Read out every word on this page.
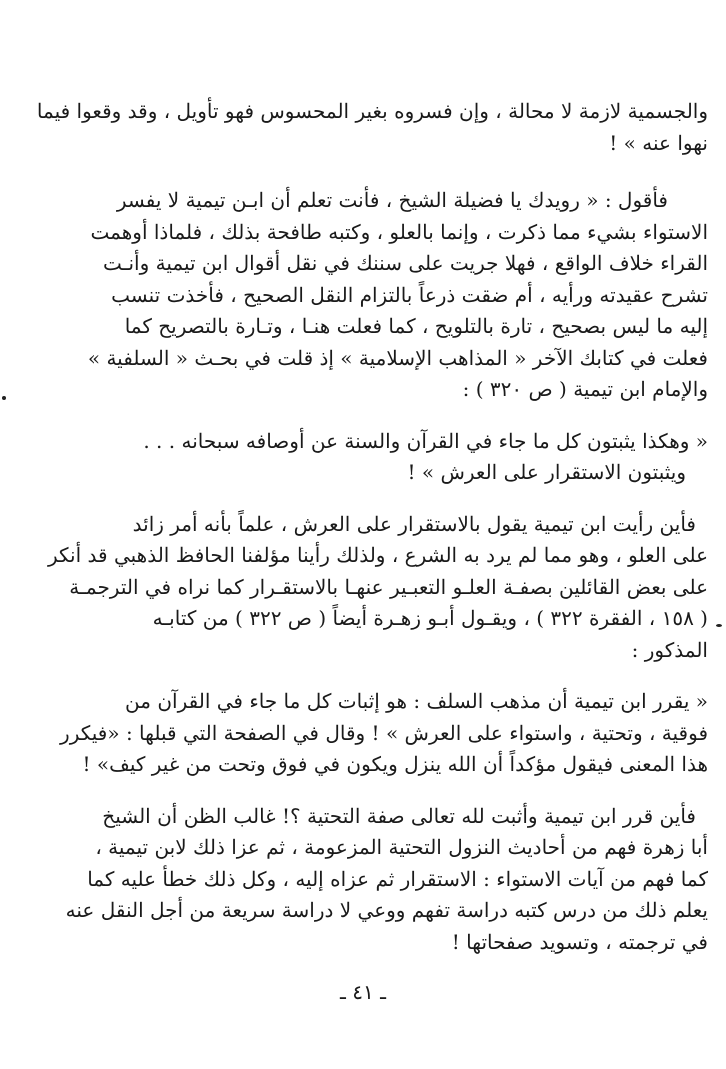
والجسمية لازمة لا محالة ، وإن فسروه بغير المحسوس فهو تأويل ، وقد وقعوا فيما
نهوا عنه » !

فأقول : « رويدك يا فضيلة الشيخ ، فأنت تعلم أن ابـن تيمية لا يفسر
الاستواء بشيء مما ذكرت ، وإنما بالعلو ، وكتبه طافحة بذلك ، فلماذا أوهمت
القراء خلاف الواقع ، فهلا جريت على سننك في نقل أقوال ابن تيمية وأنـت
تشرح عقيدته ورأيه ، أم ضقت ذرعاً بالتزام النقل الصحيح ، فأخذت تنسب
إليه ما ليس بصحيح ، تارة بالتلويح ، كما فعلت هنـا ، وتـارة بالتصريح كما
فعلت في كتابك الآخر « المذاهب الإسلامية » إذ قلت في بحـث « السلفية »
والإمام ابن تيمية ( ص ٣٢٠ ) :

« وهكذا يثبتون كل ما جاء في القرآن والسنة عن أوصافه سبحانه . . .
ويثبتون الاستقرار على العرش » !

فأين رأيت ابن تيمية يقول بالاستقرار على العرش ، علماً بأنه أمر زائد
على العلو ، وهو مما لم يرد به الشرع ، ولذلك رأينا مؤلفنا الحافظ الذهبي قد أنكر
على بعض القائلين بصفـة العلـو التعبـير عنهـا بالاستقـرار كما نراه في الترجمـة
( ١٥٨ ، الفقرة ٣٢٢ ) ، ويقـول أبـو زهـرة أيضاً ( ص ٣٢٢ ) من كتابـه
المذكور :

« يقرر ابن تيمية أن مذهب السلف : هو إثبات كل ما جاء في القرآن من
فوقية ، وتحتية ، واستواء على العرش » ! وقال في الصفحة التي قبلها : «فيكرر
هذا المعنى فيقول مؤكداً أن الله ينزل ويكون في فوق وتحت من غير كيف» !

فأين قرر ابن تيمية وأثبت لله تعالى صفة التحتية ؟! غالب الظن أن الشيخ
أبا زهرة فهم من أحاديث النزول التحتية المزعومة ، ثم عزا ذلك لابن تيمية ،
كما فهم من آيات الاستواء : الاستقرار ثم عزاه إليه ، وكل ذلك خطأ عليه كما
يعلم ذلك من درس كتبه دراسة تفهم ووعي لا دراسة سريعة من أجل النقل عنه
في ترجمته ، وتسويد صفحاتها !

ـ ٤١ ـ
